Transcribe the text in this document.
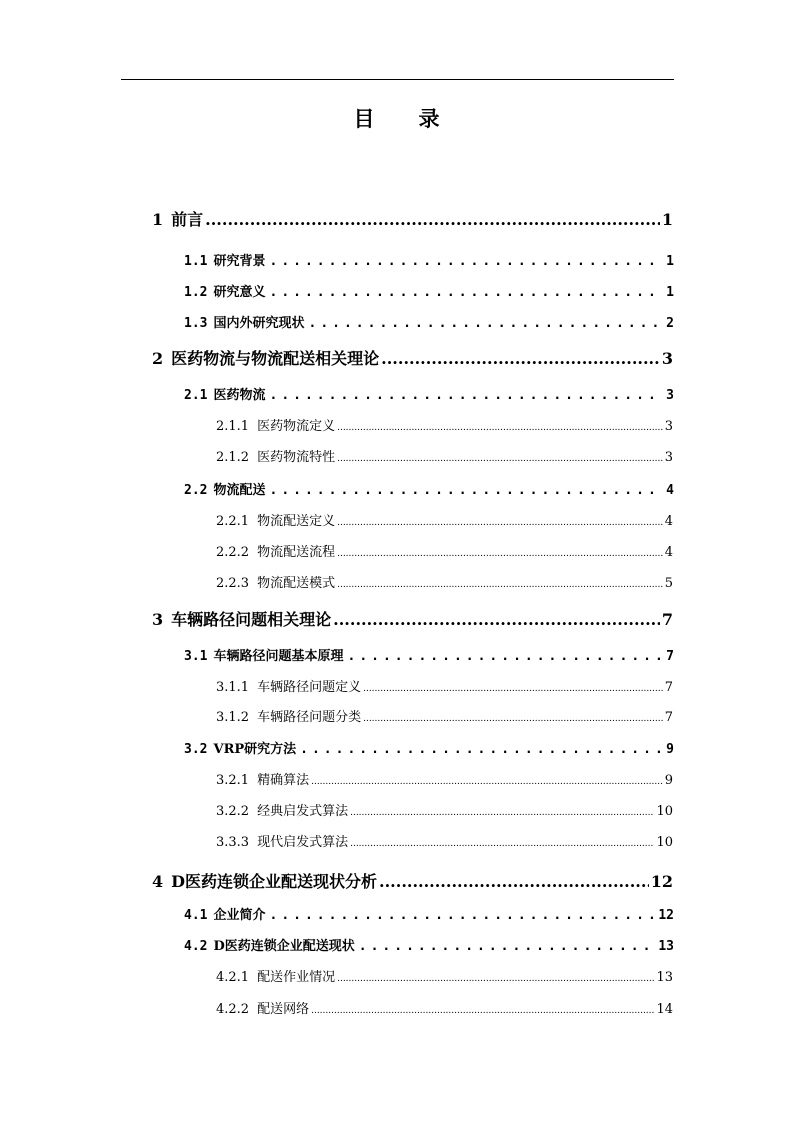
目 录
1 前言 .....	1
1.1 研究背景 .....	1
1.2 研究意义 .....	1
1.3 国内外研究现状 .....	2
2 医药物流与物流配送相关理论 .....	3
2.1 医药物流 .....	3
2.1.1 医药物流定义 .....	3
2.1.2 医药物流特性 .....	3
2.2 物流配送 .....	4
2.2.1 物流配送定义 .....	4
2.2.2 物流配送流程 .....	4
2.2.3 物流配送模式 .....	5
3 车辆路径问题相关理论 .....	7
3.1 车辆路径问题基本原理 .....	7
3.1.1 车辆路径问题定义 .....	7
3.1.2 车辆路径问题分类 .....	7
3.2 VRP研究方法 .....	9
3.2.1 精确算法 .....	9
3.2.2 经典启发式算法 .....	10
3.3.3 现代启发式算法 .....	10
4 D医药连锁企业配送现状分析 .....	12
4.1 企业简介 .....	12
4.2 D医药连锁企业配送现状 .....	13
4.2.1 配送作业情况 .....	13
4.2.2 配送网络 .....	14
